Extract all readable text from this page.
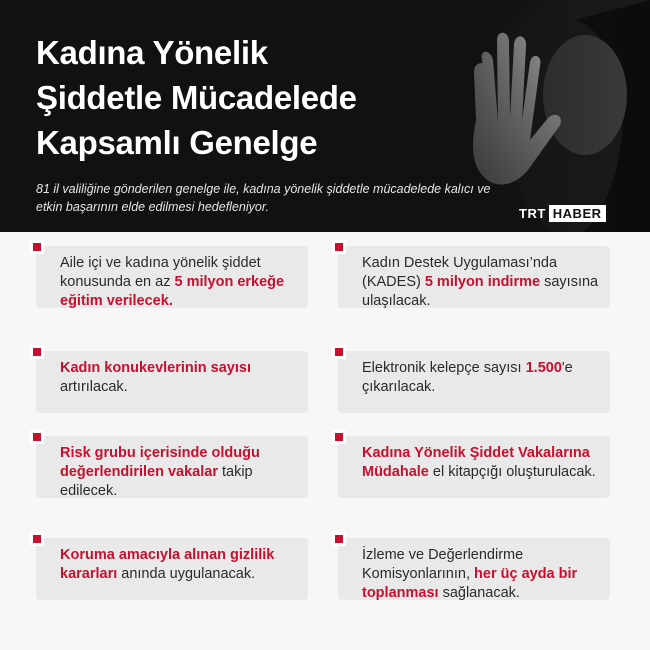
Kadına Yönelik
Şiddetle Mücadelede
Kapsamlı Genelge
81 il valiliğine gönderilen genelge ile, kadına yönelik şiddetle mücadelede kalıcı ve etkin başarının elde edilmesi hedefleniyor.	TRT HABER
Aile içi ve kadına yönelik şiddet konusunda en az 5 milyon erkeğe eğitim verilecek.
Kadın Destek Uygulaması’nda (KADES) 5 milyon indirme sayısına ulaşılacak.
Kadın konukevlerinin sayısı artırılacak.
Elektronik kelepçe sayısı 1.500'e çıkarılacak.
Risk grubu içerisinde olduğu değerlendirilen vakalar takip edilecek.
Kadına Yönelik Şiddet Vakalarına Müdahale el kitapçığı oluşturulacak.
Koruma amacıyla alınan gizlilik kararları anında uygulanacak.
İzleme ve Değerlendirme Komisyonlarının, her üç ayda bir toplanması sağlanacak.
